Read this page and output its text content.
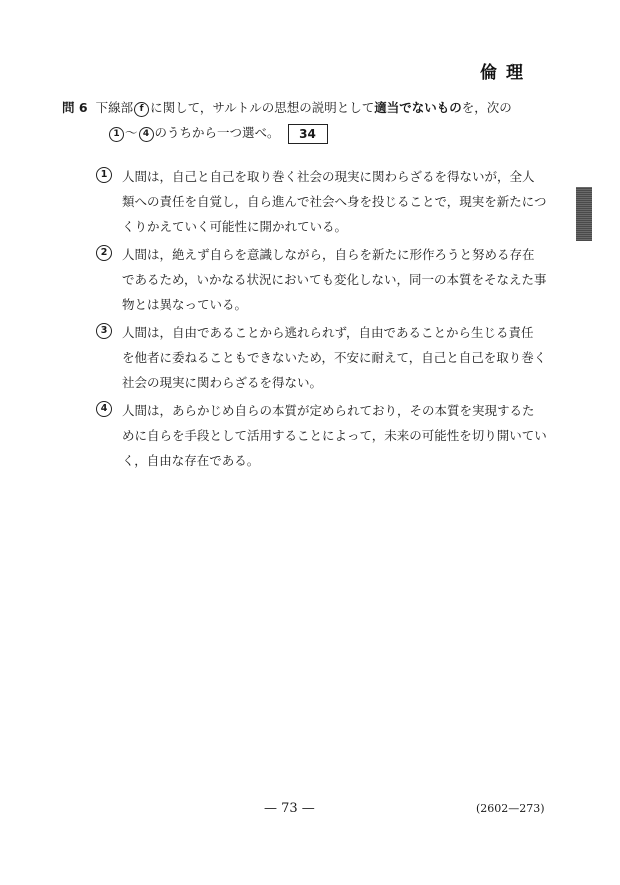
倫理
問 6 下線部 f に関して，サルトルの思想の説明として適当でないものを，次の
1 ～ 4 のうちから一つ選べ。 34
1	人間は，自己と自己を取り巻く社会の現実に関わらざるを得ないが，全人
類への責任を自覚し，自ら進んで社会へ身を投じることで，現実を新たにつ
くりかえていく可能性に開かれている。
2	人間は，絶えず自らを意識しながら，自らを新たに形作ろうと努める存在
であるため，いかなる状況においても変化しない，同一の本質をそなえた事
物とは異なっている。
3	人間は，自由であることから逃れられず，自由であることから生じる責任
を他者に委ねることもできないため，不安に耐えて，自己と自己を取り巻く
社会の現実に関わらざるを得ない。
4	人間は，あらかじめ自らの本質が定められており，その本質を実現するた
めに自らを手段として活用することによって，未来の可能性を切り開いてい
く，自由な存在である。
— 73 —	(2602—273)
